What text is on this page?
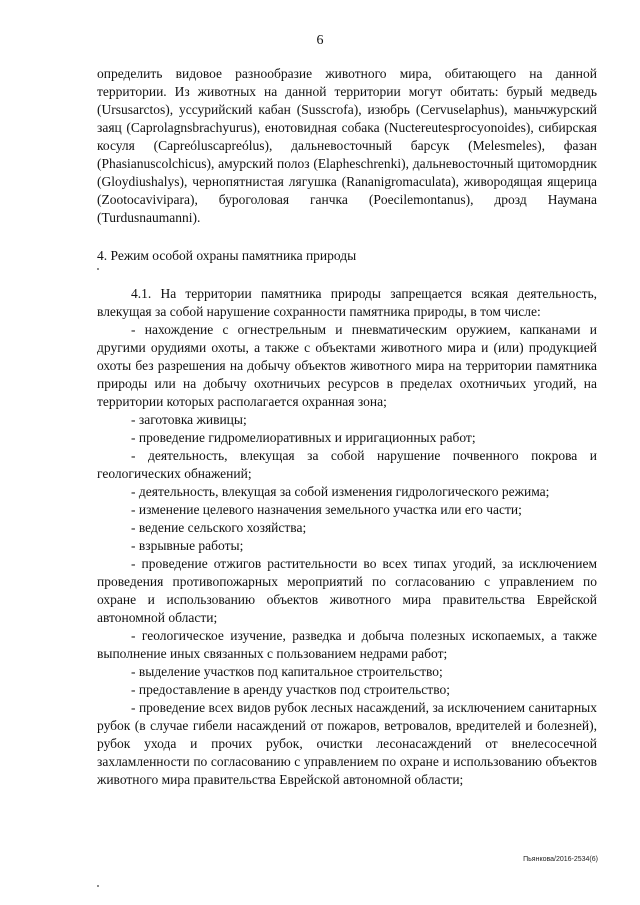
6

определить видовое разнообразие животного мира, обитающего на данной территории. Из животных на данной территории могут обитать: бурый медведь (Ursusarctos), уссурийский кабан (Susscrofa), изюбрь (Cervuselaphus), маньчжурский заяц (Caprolagnsbrachyurus), енотовидная собака (Nuctereutesprocyonoides), сибирская косуля (Capreóluscapreólus), дальневосточный барсук (Melesmeles), фазан (Phasianuscolchicus), амурский полоз (Elapheschrenki), дальневосточный щитомордник (Gloydiushalys), чернопятнистая лягушка (Ranаnigromaculata), живородящая ящерица (Zootocavivipara), буроголовая ганчка (Poecilemontanus), дрозд Наумана (Turdusnaumanni).

4. Режим особой охраны памятника природы

4.1. На территории памятника природы запрещается всякая деятельность, влекущая за собой нарушение сохранности памятника природы, в том числе:

- нахождение с огнестрельным и пневматическим оружием, капканами и другими орудиями охоты, а также с объектами животного мира и (или) продукцией охоты без разрешения на добычу объектов животного мира на территории памятника природы или на добычу охотничьих ресурсов в пределах охотничьих угодий, на территории которых располагается охранная зона;

- заготовка живицы;

- проведение гидромелиоративных и ирригационных работ;

- деятельность, влекущая за собой нарушение почвенного покрова и геологических обнажений;

- деятельность, влекущая за собой изменения гидрологического режима;

- изменение целевого назначения земельного участка или его части;

- ведение сельского хозяйства;

- взрывные работы;

- проведение отжигов растительности во всех типах угодий, за исключением проведения противопожарных мероприятий по согласованию с управлением по охране и использованию объектов животного мира правительства Еврейской автономной области;

- геологическое изучение, разведка и добыча полезных ископаемых, а также выполнение иных связанных с пользованием недрами работ;

- выделение участков под капитальное строительство;

- предоставление в аренду участков под строительство;

- проведение всех видов рубок лесных насаждений, за исключением санитарных рубок (в случае гибели насаждений от пожаров, ветровалов, вредителей и болезней), рубок ухода и прочих рубок, очистки лесонасаждений от внелесосечной захламленности по согласованию с управлением по охране и использованию объектов животного мира правительства Еврейской автономной области;

Пьянкова/2016-2534(6)
